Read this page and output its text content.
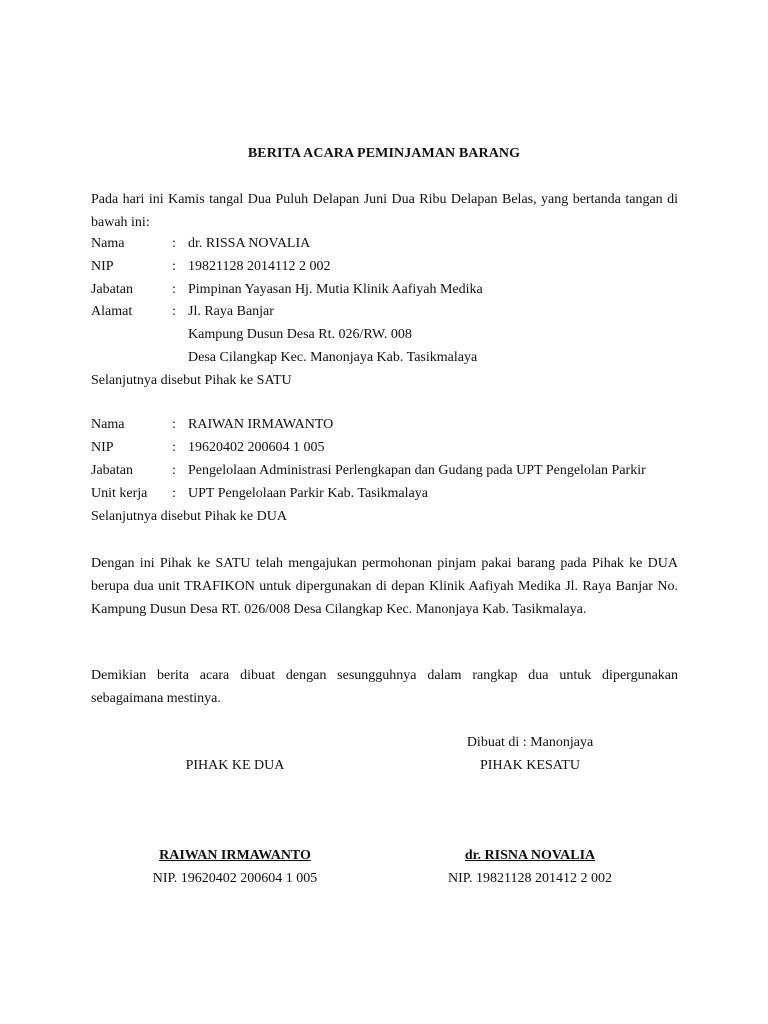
BERITA ACARA PEMINJAMAN BARANG
Pada hari ini Kamis tangal Dua Puluh Delapan Juni Dua Ribu Delapan Belas, yang bertanda tangan di bawah ini:
Nama	: dr. RISSA NOVALIA
NIP	: 19821128 2014112 2 002
Jabatan	: Pimpinan Yayasan Hj. Mutia Klinik Aafiyah Medika
Alamat	: Jl. Raya Banjar
Kampung Dusun Desa Rt. 026/RW. 008
Desa Cilangkap Kec. Manonjaya Kab. Tasikmalaya
Selanjutnya disebut Pihak ke SATU
Nama	: RAIWAN IRMAWANTO
NIP	: 19620402 200604 1 005
Jabatan	: Pengelolaan Administrasi Perlengkapan dan Gudang pada UPT Pengelolan Parkir
Unit kerja	: UPT Pengelolaan Parkir Kab. Tasikmalaya
Selanjutnya disebut Pihak ke DUA
Dengan ini Pihak ke SATU telah mengajukan permohonan pinjam pakai barang pada Pihak ke DUA berupa dua unit TRAFIKON untuk dipergunakan di depan Klinik Aafiyah Medika Jl. Raya Banjar No. Kampung Dusun Desa RT. 026/008 Desa Cilangkap Kec. Manonjaya Kab. Tasikmalaya.
Demikian berita acara dibuat dengan sesungguhnya dalam rangkap dua untuk dipergunakan sebagaimana mestinya.
Dibuat di : Manonjaya
PIHAK KE DUA	PIHAK KESATU
RAIWAN IRMAWANTO	dr. RISNA NOVALIA
NIP. 19620402 200604 1 005	NIP. 19821128 201412 2 002
